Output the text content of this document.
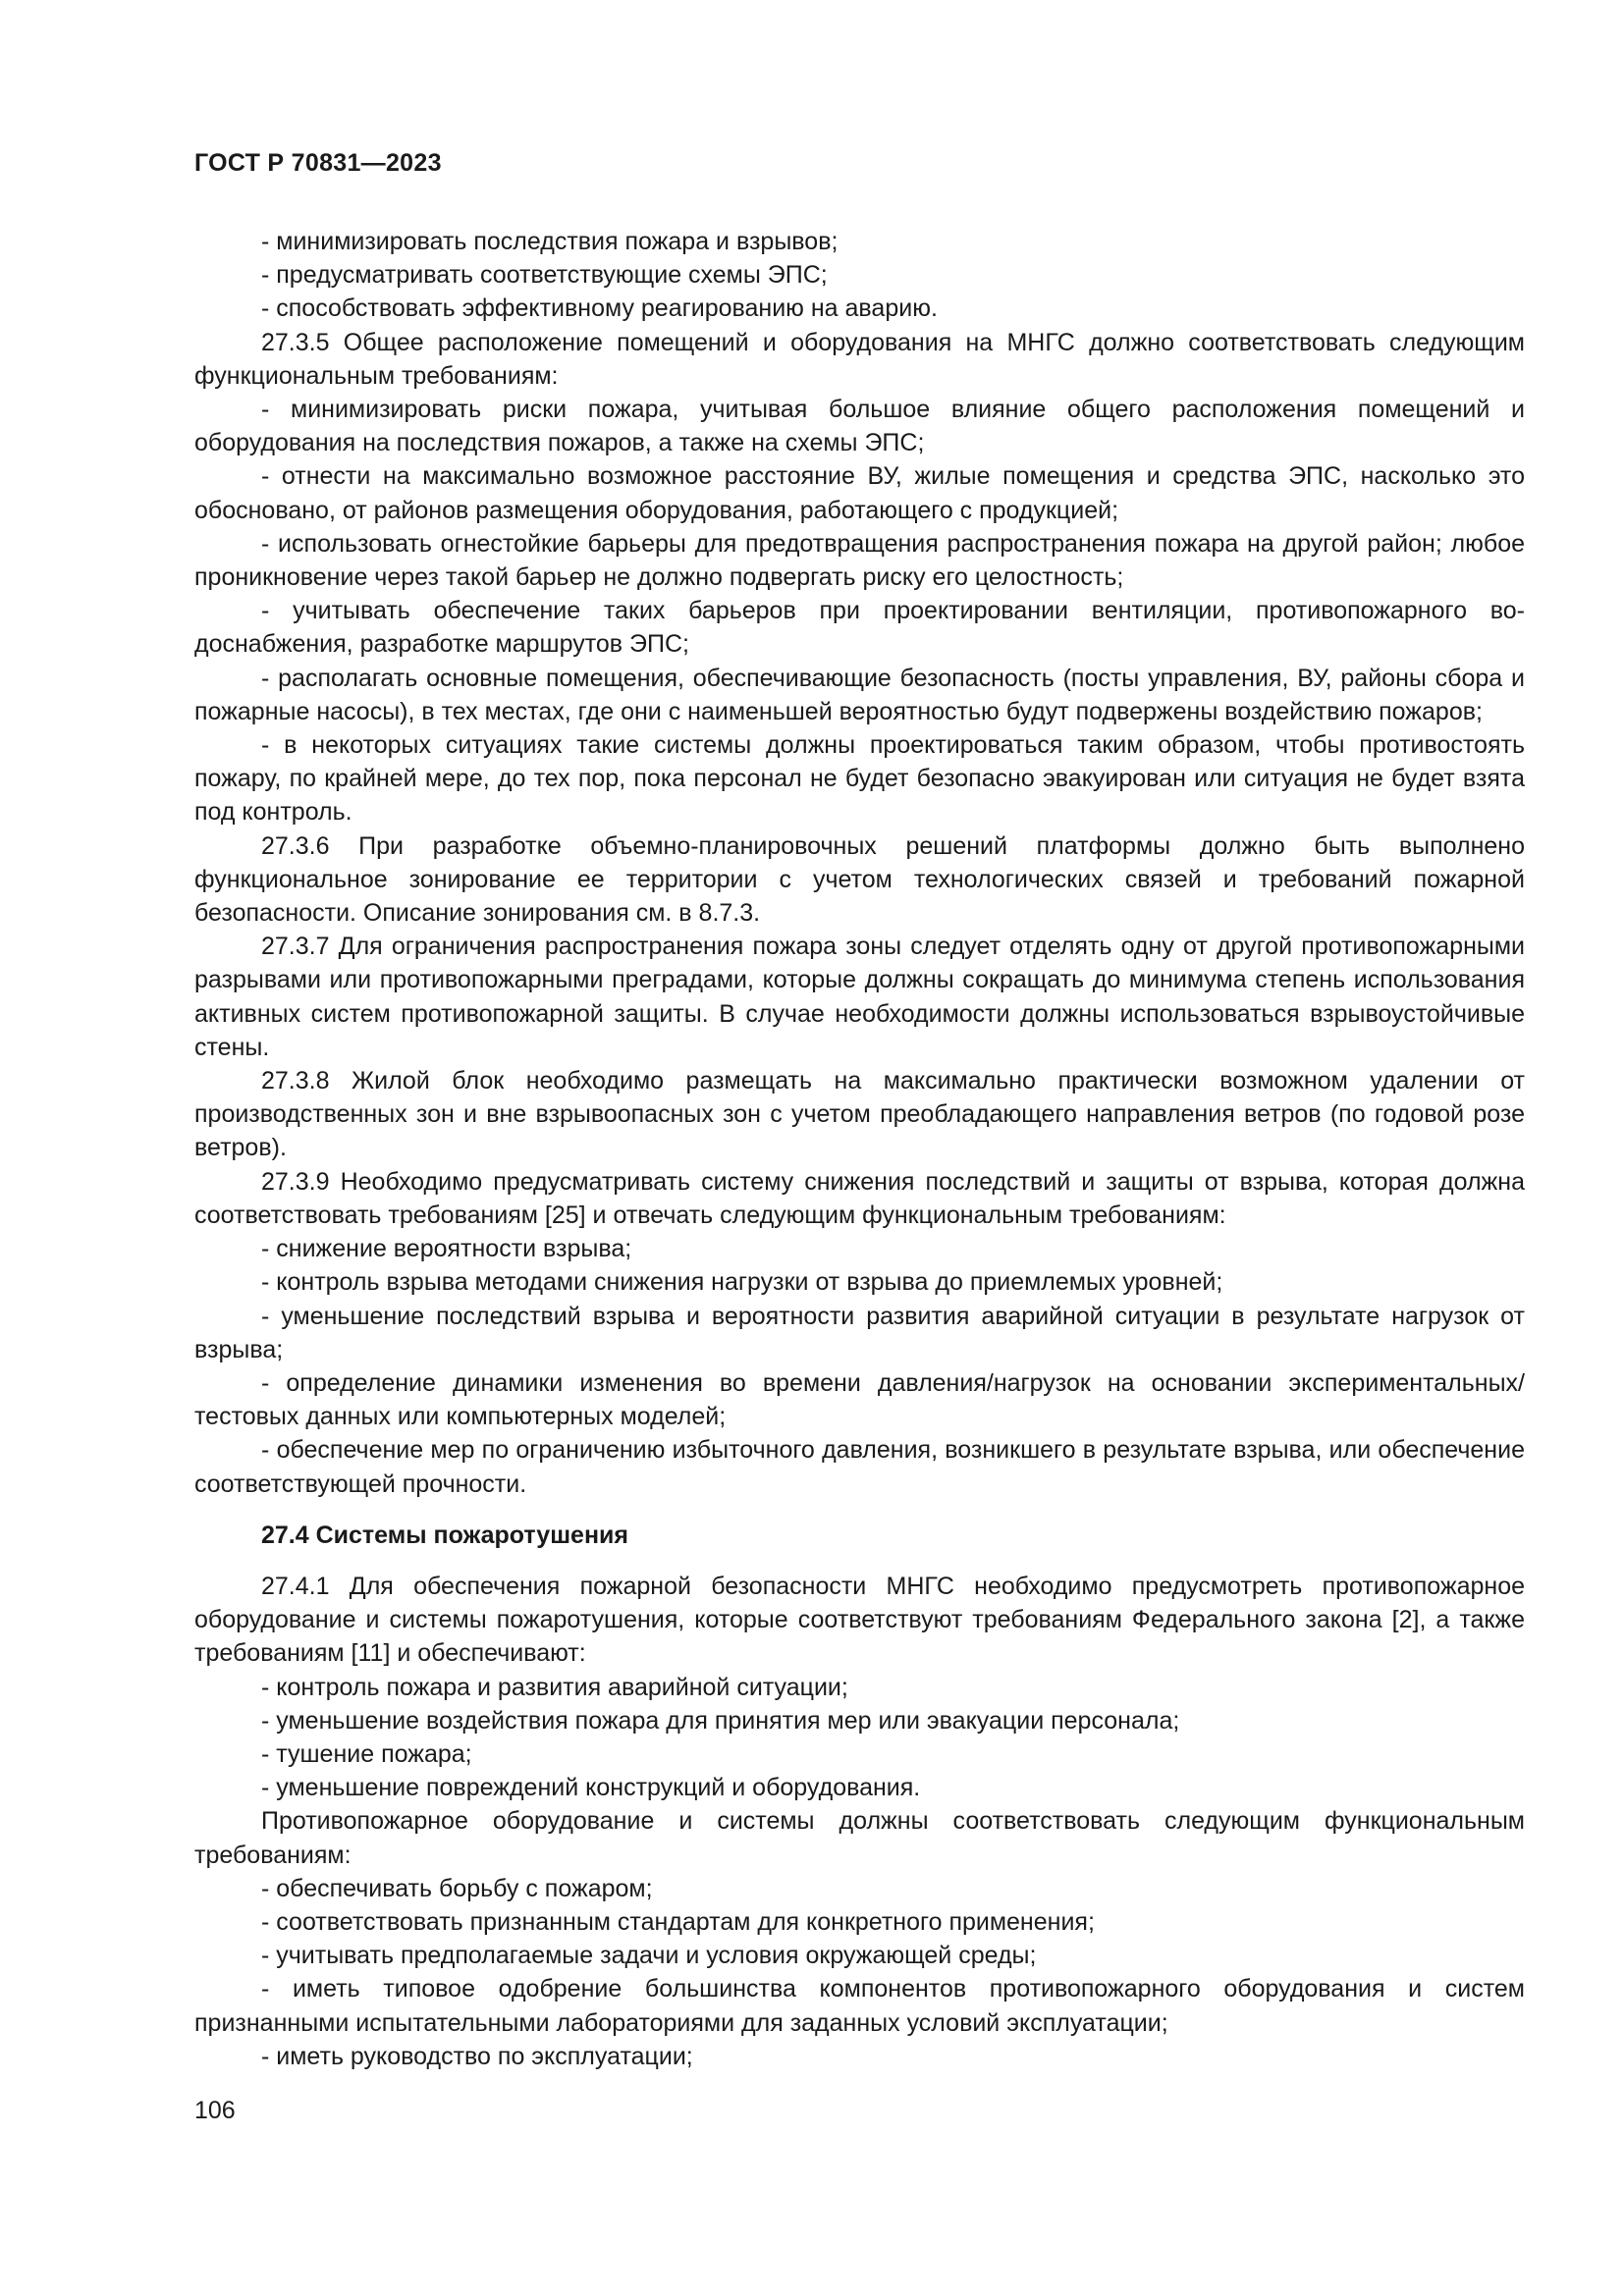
ГОСТ Р 70831—2023

- минимизировать последствия пожара и взрывов;

- предусматривать соответствующие схемы ЭПС;

- способствовать эффективному реагированию на аварию.

27.3.5 Общее расположение помещений и оборудования на МНГС должно соответствовать следующим функциональным требованиям:

- минимизировать риски пожара, учитывая большое влияние общего расположения помещений и оборудования на последствия пожаров, а также на схемы ЭПС;

- отнести на максимально возможное расстояние ВУ, жилые помещения и средства ЭПС, насколько это обосновано, от районов размещения оборудования, работающего с продукцией;

- использовать огнестойкие барьеры для предотвращения распространения пожара на другой район; любое проникновение через такой барьер не должно подвергать риску его целостность;

- учитывать обеспечение таких барьеров при проектировании вентиляции, противопожарного водоснабжения, разработке маршрутов ЭПС;

- располагать основные помещения, обеспечивающие безопасность (посты управления, ВУ, районы сбора и пожарные насосы), в тех местах, где они с наименьшей вероятностью будут подвержены воздействию пожаров;

- в некоторых ситуациях такие системы должны проектироваться таким образом, чтобы противостоять пожару, по крайней мере, до тех пор, пока персонал не будет безопасно эвакуирован или ситуация не будет взята под контроль.

27.3.6 При разработке объемно-планировочных решений платформы должно быть выполнено функциональное зонирование ее территории с учетом технологических связей и требований пожарной безопасности. Описание зонирования см. в 8.7.3.

27.3.7 Для ограничения распространения пожара зоны следует отделять одну от другой противопожарными разрывами или противопожарными преградами, которые должны сокращать до минимума степень использования активных систем противопожарной защиты. В случае необходимости должны использоваться взрывоустойчивые стены.

27.3.8 Жилой блок необходимо размещать на максимально практически возможном удалении от производственных зон и вне взрывоопасных зон с учетом преобладающего направления ветров (по годовой розе ветров).

27.3.9 Необходимо предусматривать систему снижения последствий и защиты от взрыва, которая должна соответствовать требованиям [25] и отвечать следующим функциональным требованиям:

- снижение вероятности взрыва;

- контроль взрыва методами снижения нагрузки от взрыва до приемлемых уровней;

- уменьшение последствий взрыва и вероятности развития аварийной ситуации в результате нагрузок от взрыва;

- определение динамики изменения во времени давления/нагрузок на основании экспериментальных/тестовых данных или компьютерных моделей;

- обеспечение мер по ограничению избыточного давления, возникшего в результате взрыва, или обеспечение соответствующей прочности.

27.4 Системы пожаротушения

27.4.1 Для обеспечения пожарной безопасности МНГС необходимо предусмотреть противопожарное оборудование и системы пожаротушения, которые соответствуют требованиям Федерального закона [2], а также требованиям [11] и обеспечивают:

- контроль пожара и развития аварийной ситуации;

- уменьшение воздействия пожара для принятия мер или эвакуации персонала;

- тушение пожара;

- уменьшение повреждений конструкций и оборудования.

Противопожарное оборудование и системы должны соответствовать следующим функциональным требованиям:

- обеспечивать борьбу с пожаром;

- соответствовать признанным стандартам для конкретного применения;

- учитывать предполагаемые задачи и условия окружающей среды;

- иметь типовое одобрение большинства компонентов противопожарного оборудования и систем признанными испытательными лабораториями для заданных условий эксплуатации;

- иметь руководство по эксплуатации;

106
